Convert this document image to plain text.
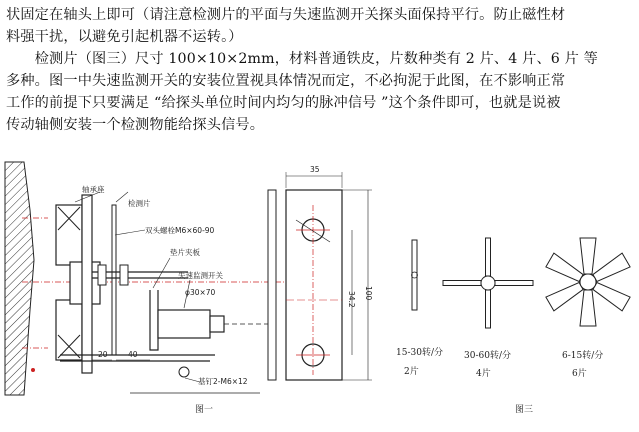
状固定在轴头上即可（请注意检测片的平面与失速监测开关探头面保持平行。防止磁性材
料强干扰，以避免引起机器不运转。）
　　检测片（图三）尺寸 100×10×2mm，材料普通铁皮，片数种类有 2 片、4 片、6 片 等
多种。图一中失速监测开关的安装位置视具体情况而定，不必拘泥于此图，在不影响正常
工作的前提下只要满足 “给探头单位时间内均匀的脉冲信号 ”这个条件即可，也就是说被
传动轴侧安装一个检测物能给探头信号。
轴承座
检测片
双头螺栓M6×60-90
垫片夹板
失速监测开关
φ30×70
基钉2-M6×12
20	40
图一
35
34.2 100
15-30转/分
2片
30-60转/分
4片
6-15转/分
6片
图三
